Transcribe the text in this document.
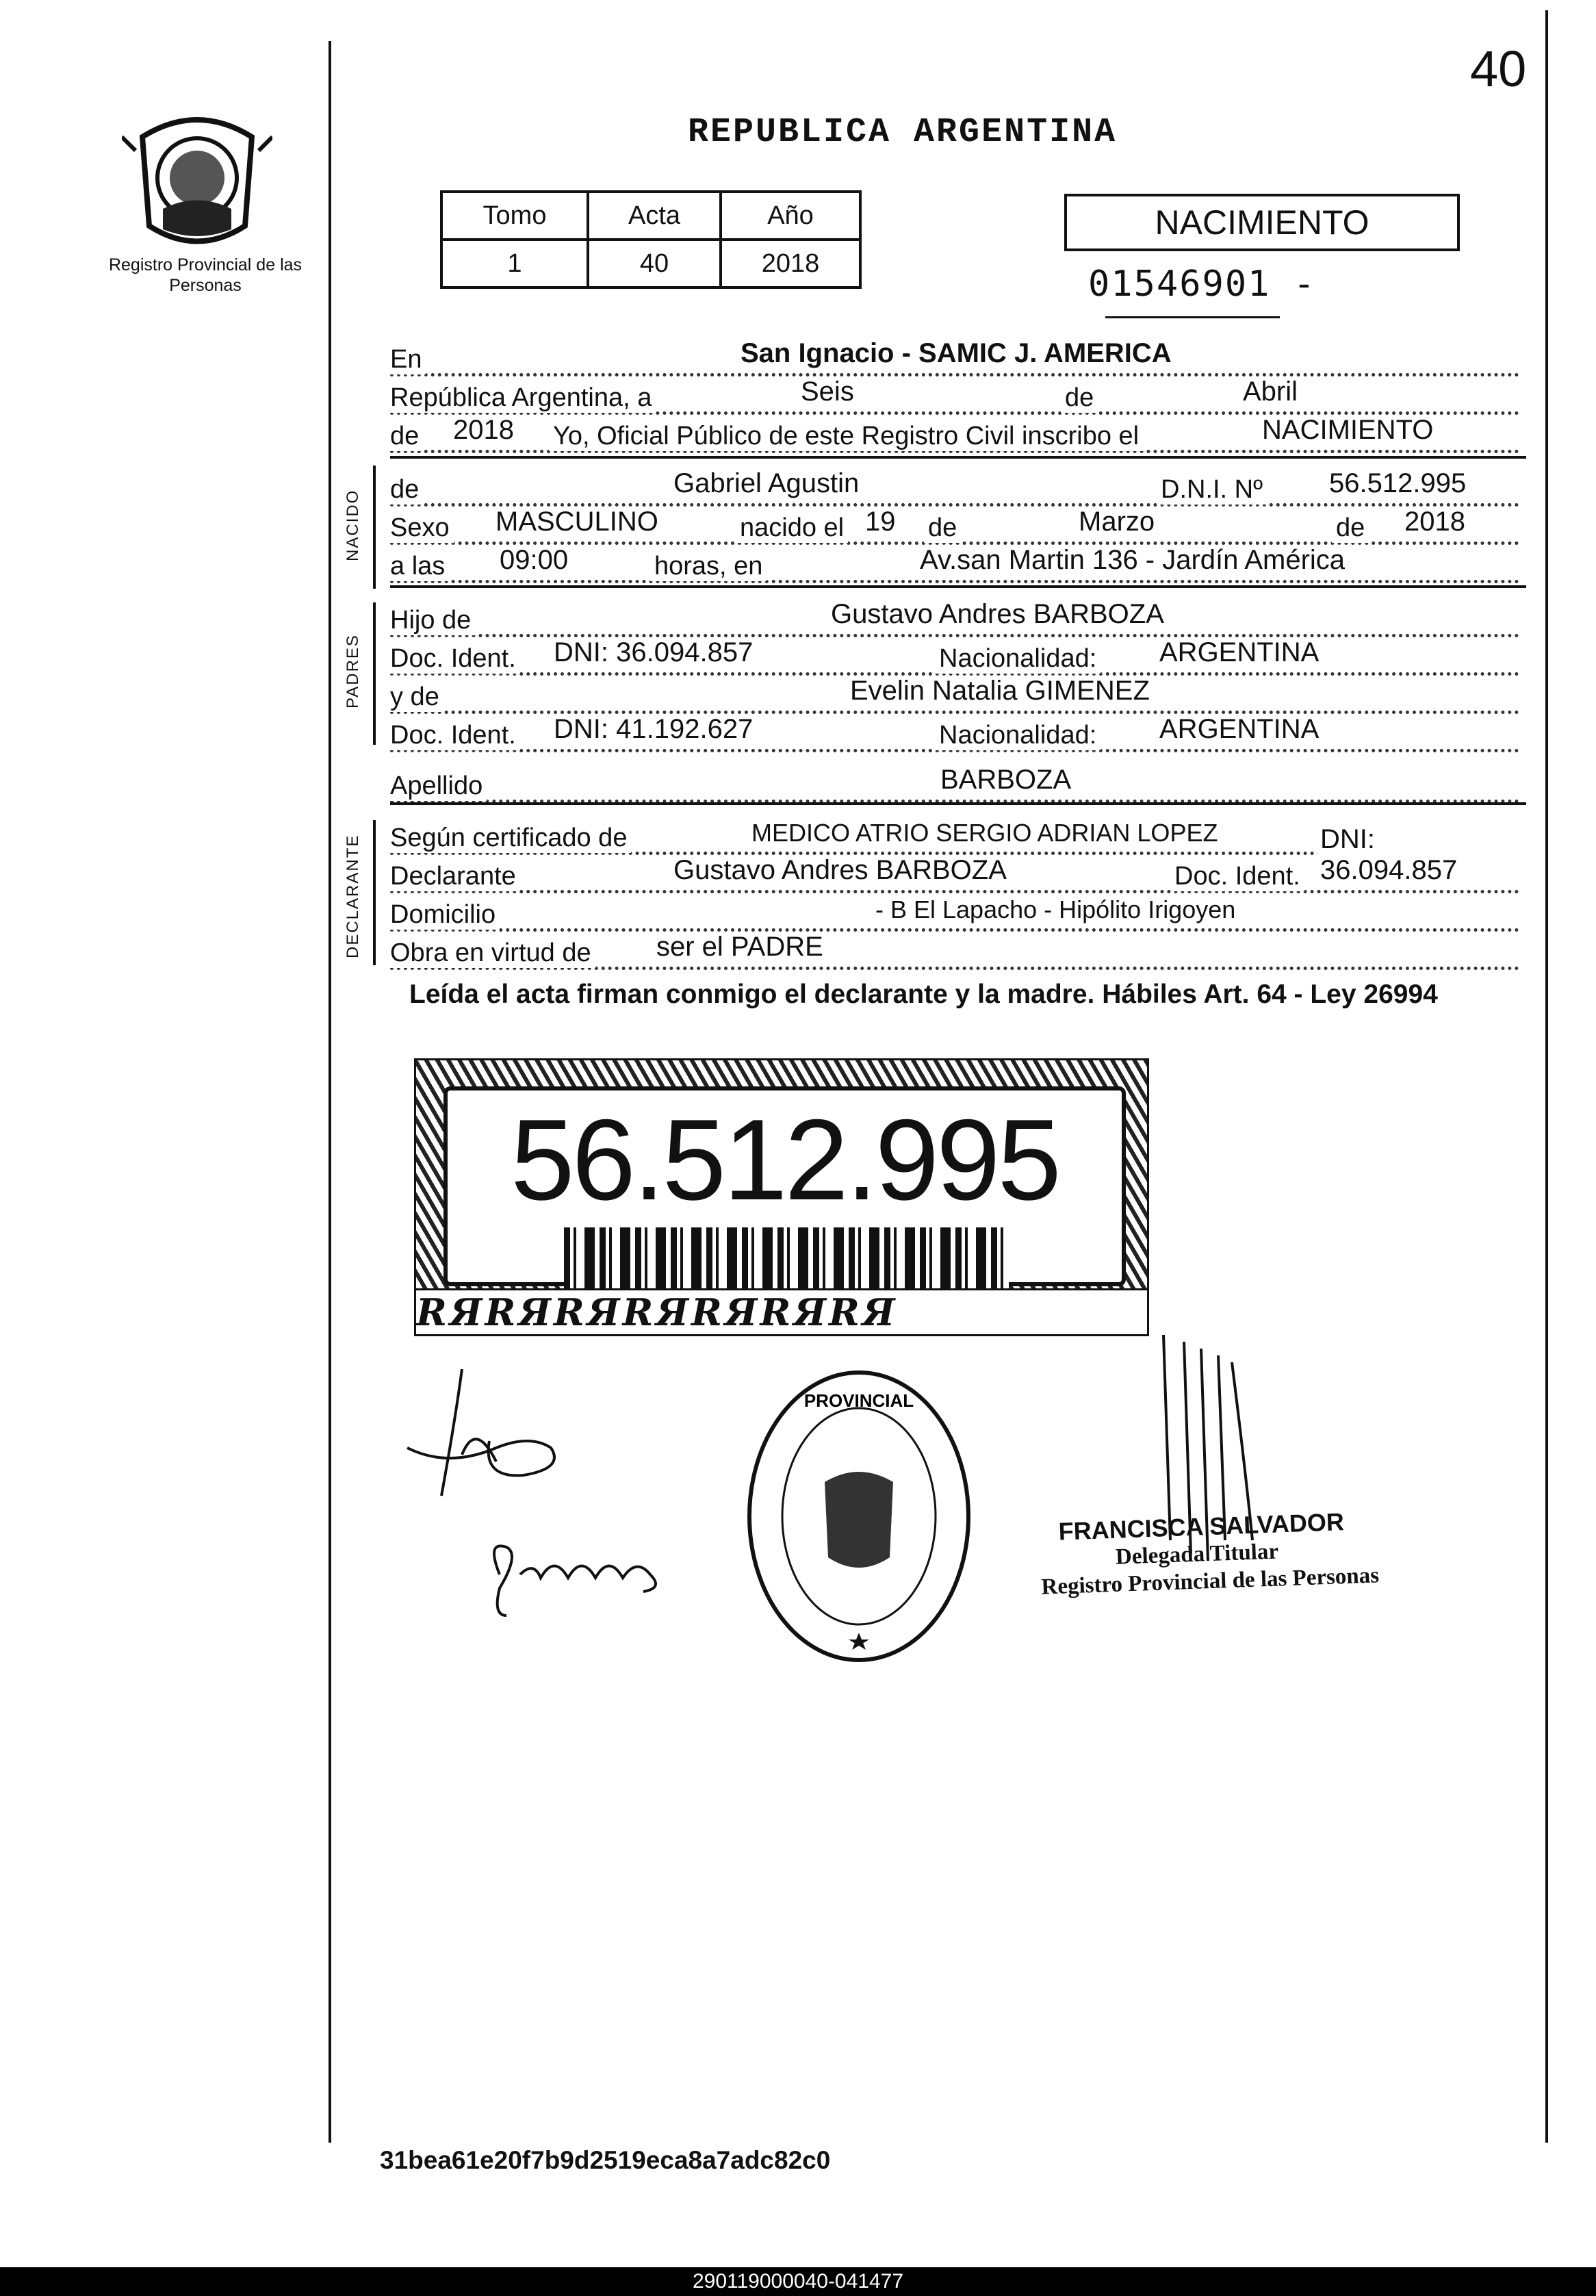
40
Registro Provincial de las Personas
REPUBLICA ARGENTINA
Tomo	Acta	Año
1	40	2018
NACIMIENTO
01546901 -
En	San Ignacio - SAMIC J. AMERICA
República Argentina, a	Seis	de	Abril
de 2018 Yo, Oficial Público de este Registro Civil inscribo el	NACIMIENTO
NACIDO de	Gabriel Agustin	D.N.I. Nº 56.512.995
Sexo MASCULINO	nacido el 19 de	Marzo	de 2018
a las 09:00	horas, en	Av.san Martin 136 - Jardín América
PADRES
Hijo de	Gustavo Andres BARBOZA
Doc. Ident. DNI: 36.094.857	Nacionalidad: ARGENTINA
y de	Evelin Natalia GIMENEZ
Doc. Ident. DNI: 41.192.627	Nacionalidad: ARGENTINA
Apellido	BARBOZA
DECLARANTE Según certificado de	MEDICO ATRIO SERGIO ADRIAN LOPEZ
Declarante	Gustavo Andres BARBOZA	Doc. Ident.
DNI: 36.094.857
Domicilio	- B El Lapacho - Hipólito Irigoyen
Obra en virtud de ser el PADRE
Leída el acta firman conmigo el declarante y la madre. Hábiles Art. 64 - Ley 26994
56.512.995
RЯRЯRЯRЯRЯRЯRЯ
PROVINCIAL
FRANCISCA SALVADOR
Delegada Titular
Registro Provincial de las Personas
31bea61e20f7b9d2519eca8a7adc82c0
290119000040-041477
